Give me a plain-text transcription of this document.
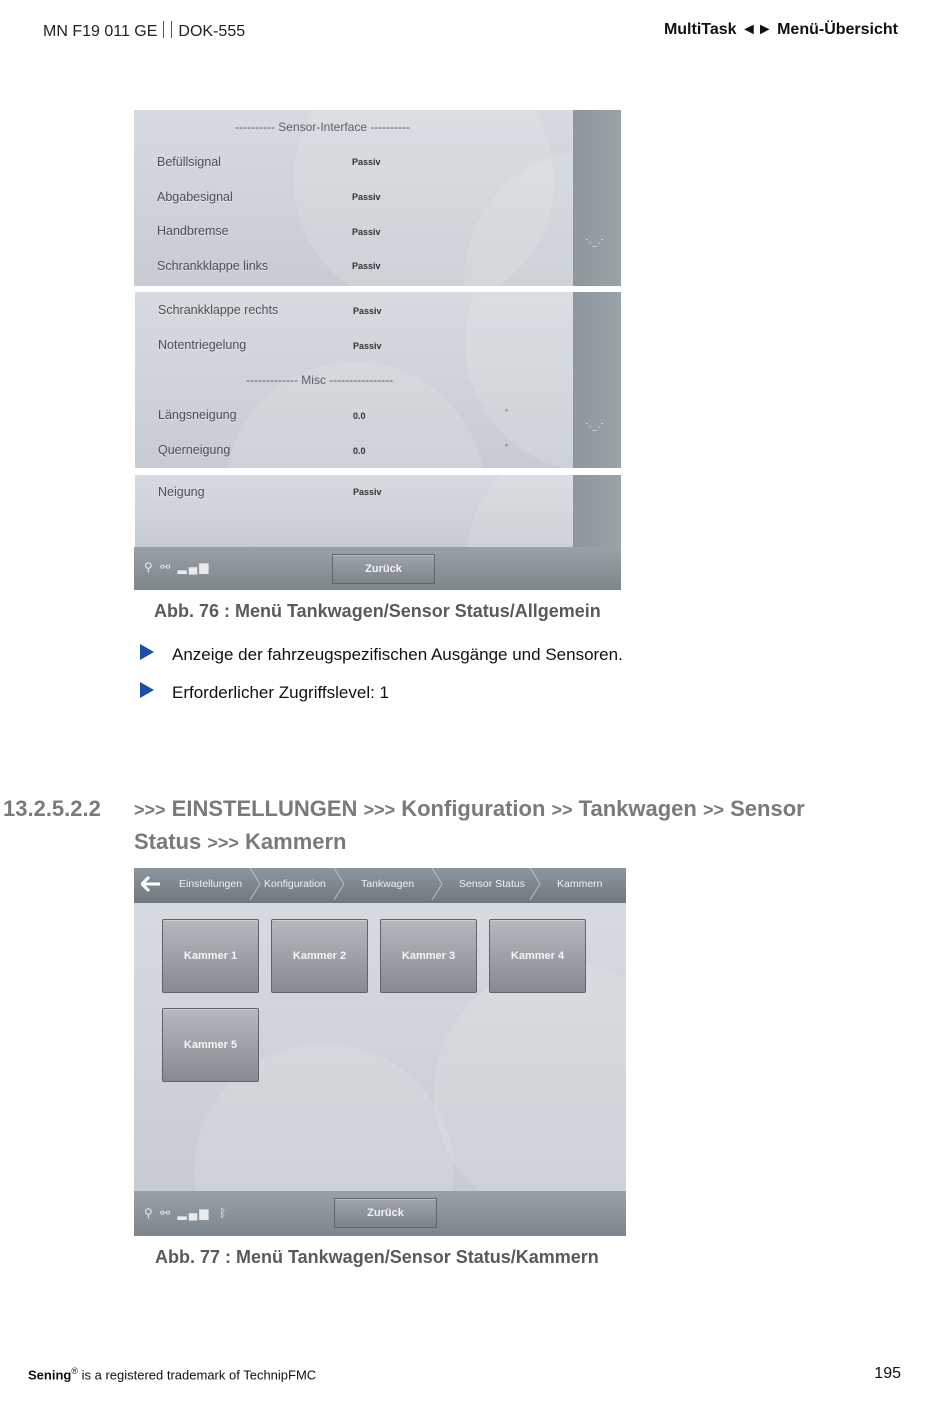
MN F19 011 GE DOK-555	MultiTask ◄► Menü-Übersicht
---------- Sensor-Interface ----------
Befüllsignal	Passiv
Abgabesignal	Passiv
Handbremse	Passiv
Schrankklappe links	Passiv
⋱⋰
Schrankklappe rechts	Passiv
Notentriegelung	Passiv
------------- Misc ----------------
Längsneigung	0.0	°
Querneigung	0.0	°
⋱⋰
Neigung	Passiv
⚲ ⚯ ▂▄▆	Zurück
Abb. 76 : Menü Tankwagen/Sensor Status/Allgemein
Anzeige der fahrzeugspezifischen Ausgänge und Sensoren.
Erforderlicher Zugriffslevel: 1
13.2.5.2.2 >>> EINSTELLUNGEN >>> Konfiguration >> Tankwagen >> Sensor
Status >>> Kammern
Einstellungen Konfiguration	Tankwagen	Sensor Status	Kammern
Kammer 1	Kammer 2	Kammer 3	Kammer 4
Kammer 5
⚲ ⚯ ▂▄▆ ᛒ	Zurück
Abb. 77 : Menü Tankwagen/Sensor Status/Kammern
Sening® is a registered trademark of TechnipFMC	195
